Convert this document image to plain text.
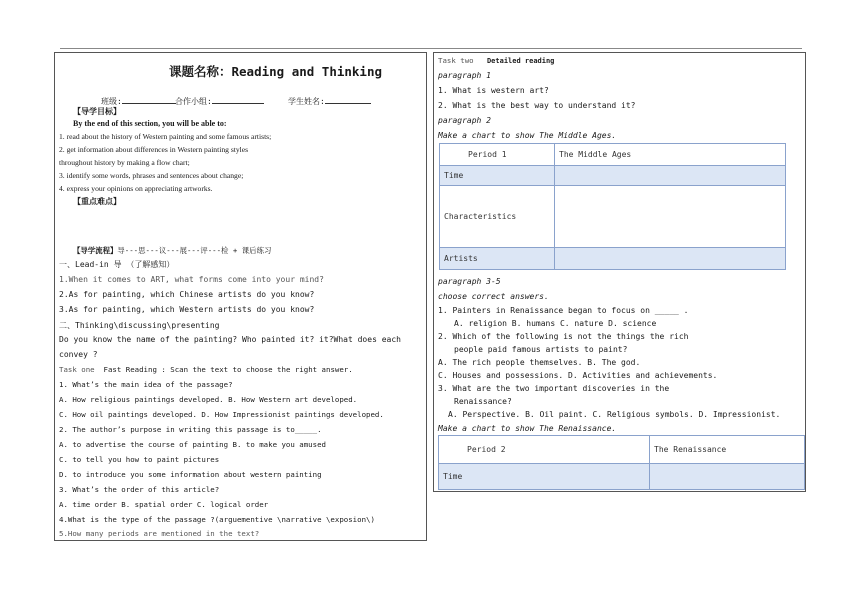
课题名称：Reading and Thinking
班级:	合作小组:	学生姓名:
【导学目标】
By the end of this section, you will be able to:
1. read about the history of Western painting and some famous artists;
2. get information about differences in Western painting styles
throughout history by making a flow chart;
3. identify some words, phrases and sentences about change;
4. express your opinions on appreciating artworks.
【重点难点】
【导学流程】导---思---议---展---评---检 + 课后练习
一、Lead-in 导 （了解感知）
1.When it comes to ART, what forms come into your mind?
2.As for painting, which Chinese artists do you know?
3.As for painting, which Western artists do you know?
二、Thinking\discussing\presenting
Do you know the name of the painting? Who painted it? it?What does each
convey ?
Task one Fast Reading : Scan the text to choose the right answer.
1. What’s the main idea of the passage?
A. How religious paintings developed. B. How Western art developed.
C. How oil paintings developed. D. How Impressionist paintings developed.
2. The author’s purpose in writing this passage is to_____.
A. to advertise the course of painting B. to make you amused
C. to tell you how to paint pictures
D. to introduce you some information about western painting
3. What’s the order of this article?
A. time order B. spatial order C. logical order
4.What is the type of the passage ?(arguementive \narrative \exposion\)
5.How many periods are mentioned in the text?
Task two Detailed reading
paragraph 1
1. What is western art?
2. What is the best way to understand it?
paragraph 2
Make a chart to show The Middle Ages.
Period 1	The Middle Ages
Time	
Characteristics	
Artists	
paragraph 3-5
choose correct answers.
1. Painters in Renaissance began to focus on _____ .
A. religion B. humans C. nature D. science
2. Which of the following is not the things the rich
people paid famous artists to paint?
A. The rich people themselves. B. The god.
C. Houses and possessions. D. Activities and achievements.
3. What are the two important discoveries in the
Renaissance?
A. Perspective. B. Oil paint. C. Religious symbols. D. Impressionist.
Make a chart to show The Renaissance.
Period 2	The Renaissance
Time	
